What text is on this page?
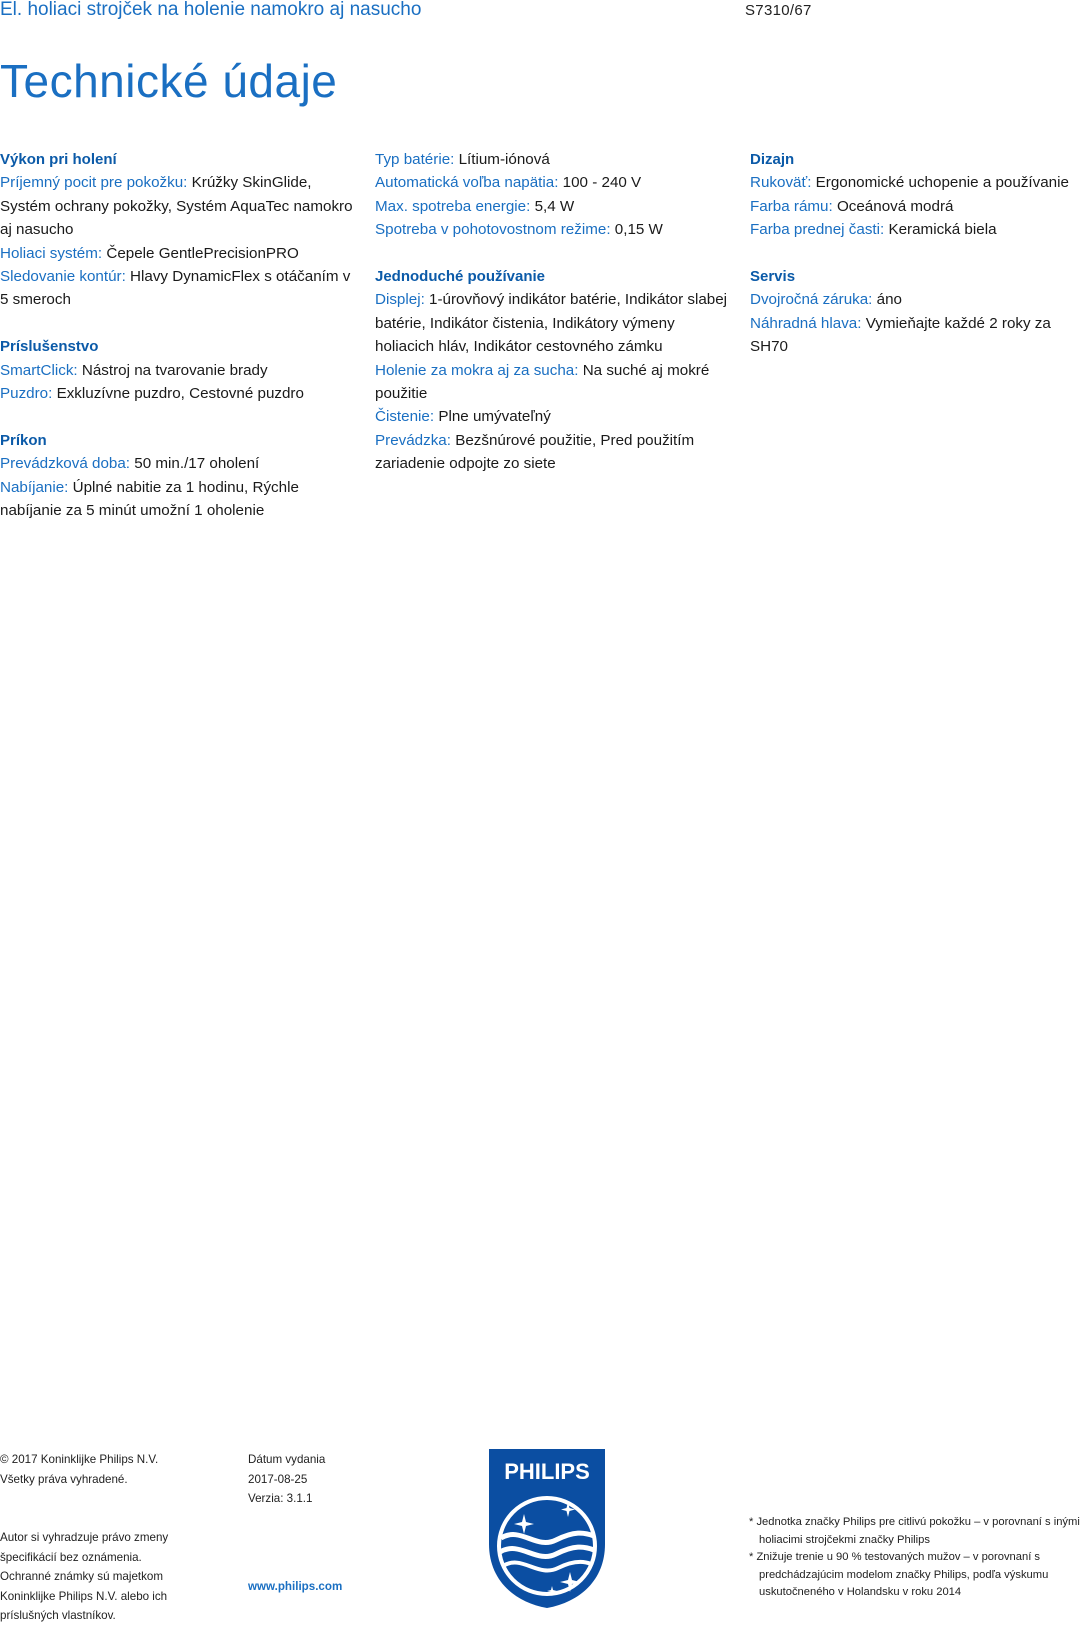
El. holiaci strojček na holenie namokro aj nasucho	S7310/67
Technické údaje
Výkon pri holení
Príjemný pocit pre pokožku: Krúžky SkinGlide, Systém ochrany pokožky, Systém AquaTec namokro aj nasucho
Holiaci systém: Čepele GentlePrecisionPRO
Sledovanie kontúr: Hlavy DynamicFlex s otáčaním v 5 smeroch
Príslušenstvo
SmartClick: Nástroj na tvarovanie brady
Puzdro: Exkluzívne puzdro, Cestovné puzdro
Príkon
Prevádzková doba: 50 min./17 oholení
Nabíjanie: Úplné nabitie za 1 hodinu, Rýchle nabíjanie za 5 minút umožní 1 oholenie
Typ batérie: Lítium-iónová
Automatická voľba napätia: 100 - 240 V
Max. spotreba energie: 5,4 W
Spotreba v pohotovostnom režime: 0,15 W
Jednoduché používanie
Displej: 1-úrovňový indikátor batérie, Indikátor slabej batérie, Indikátor čistenia, Indikátory výmeny holiacich hláv, Indikátor cestovného zámku
Holenie za mokra aj za sucha: Na suché aj mokré použitie
Čistenie: Plne umývateľný
Prevádzka: Bezšnúrové použitie, Pred použitím zariadenie odpojte zo siete
Dizajn
Rukoväť: Ergonomické uchopenie a používanie
Farba rámu: Oceánová modrá
Farba prednej časti: Keramická biela
Servis
Dvojročná záruka: áno
Náhradná hlava: Vymieňajte každé 2 roky za SH70
© 2017 Koninklijke Philips N.V.
Všetky práva vyhradené.
Autor si vyhradzuje právo zmeny
špecifikácií bez oznámenia.
Ochranné známky sú majetkom
Koninklijke Philips N.V. alebo ich
príslušných vlastníkov.
Dátum vydania
2017-08-25
Verzia: 3.1.1
www.philips.com
PHILIPS
* Jednotka značky Philips pre citlivú pokožku – v porovnaní s inými holiacimi strojčekmi značky Philips
* Znižuje trenie u 90 % testovaných mužov – v porovnaní s predchádzajúcim modelom značky Philips, podľa výskumu uskutočneného v Holandsku v roku 2014
